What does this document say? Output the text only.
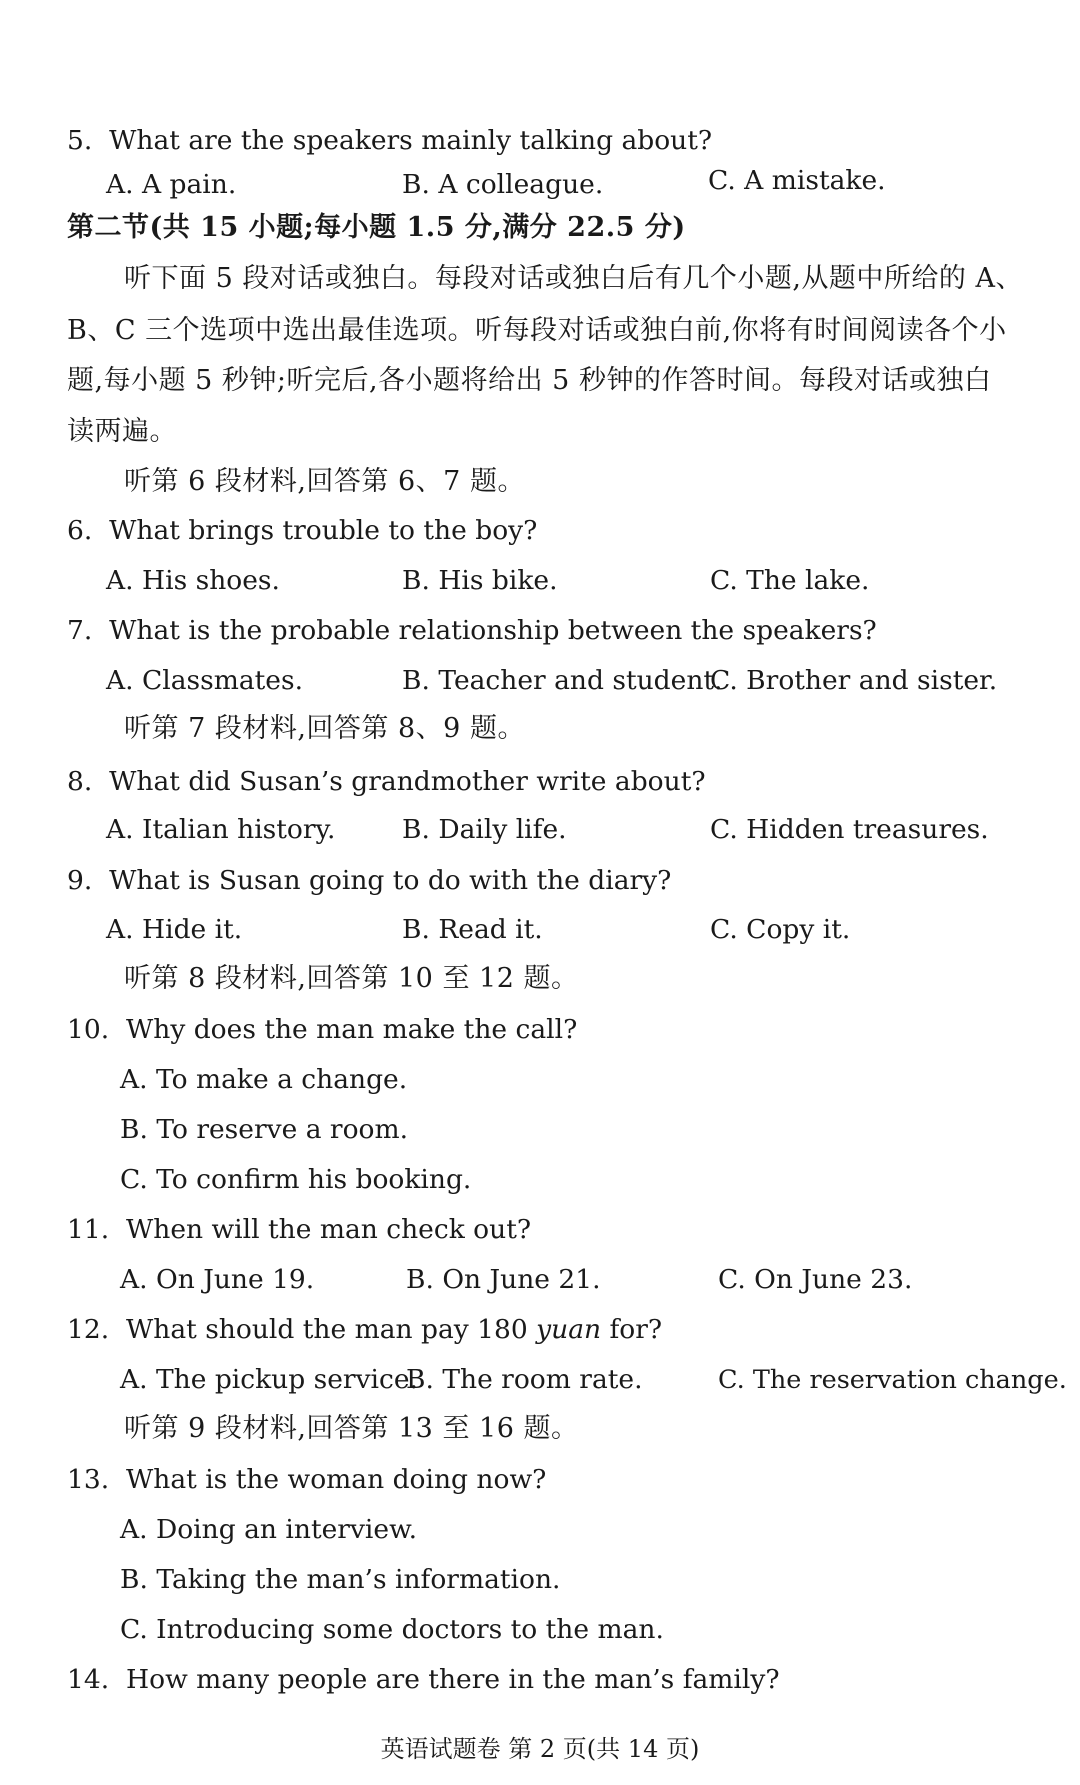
5. What are the speakers mainly talking about?
A. A pain.	B. A colleague.	C. A mistake.
第二节(共 15 小题;每小题 1.5 分,满分 22.5 分)
听下面 5 段对话或独白。每段对话或独白后有几个小题,从题中所给的 A、
B、C 三个选项中选出最佳选项。听每段对话或独白前,你将有时间阅读各个小
题,每小题 5 秒钟;听完后,各小题将给出 5 秒钟的作答时间。每段对话或独白
读两遍。
听第 6 段材料,回答第 6、7 题。
6. What brings trouble to the boy?
A. His shoes.	B. His bike.	C. The lake.
7. What is the probable relationship between the speakers?
A. Classmates.	B. Teacher and student.
C. Brother and sister.
听第 7 段材料,回答第 8、9 题。
8. What did Susan’s grandmother write about?
A. Italian history.	B. Daily life.	C. Hidden treasures.
9. What is Susan going to do with the diary?
A. Hide it.	B. Read it.	C. Copy it.
听第 8 段材料,回答第 10 至 12 题。
10. Why does the man make the call?
A. To make a change.
B. To reserve a room.
C. To confirm his booking.
11. When will the man check out?
A. On June 19.	B. On June 21.	C. On June 23.
12. What should the man pay 180 yuan for?
A. The pickup service.
B. The room rate.	C. The reservation change.
听第 9 段材料,回答第 13 至 16 题。
13. What is the woman doing now?
A. Doing an interview.
B. Taking the man’s information.
C. Introducing some doctors to the man.
14. How many people are there in the man’s family?
英语试题卷 第 2 页(共 14 页)
